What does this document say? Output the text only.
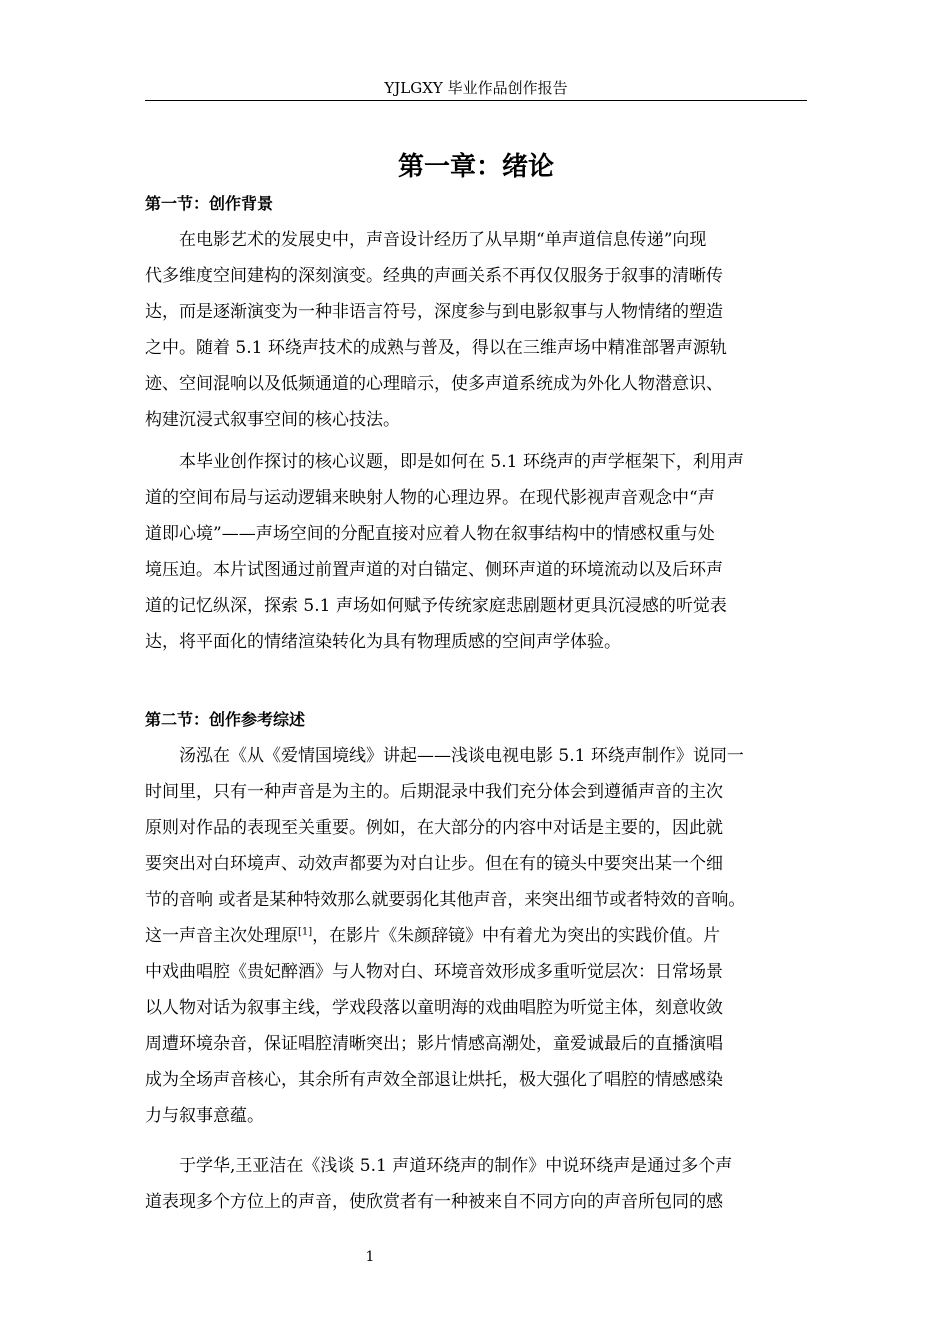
YJLGXY 毕业作品创作报告
第一章：绪论
第一节：创作背景
在电影艺术的发展史中，声音设计经历了从早期“单声道信息传递”向现
代多维度空间建构的深刻演变。经典的声画关系不再仅仅服务于叙事的清晰传
达，而是逐渐演变为一种非语言符号，深度参与到电影叙事与人物情绪的塑造
之中。随着 5.1 环绕声技术的成熟与普及，得以在三维声场中精准部署声源轨
迹、空间混响以及低频通道的心理暗示，使多声道系统成为外化人物潜意识、
构建沉浸式叙事空间的核心技法。
本毕业创作探讨的核心议题，即是如何在 5.1 环绕声的声学框架下，利用声
道的空间布局与运动逻辑来映射人物的心理边界。在现代影视声音观念中“声
道即心境”——声场空间的分配直接对应着人物在叙事结构中的情感权重与处
境压迫。本片试图通过前置声道的对白锚定、侧环声道的环境流动以及后环声
道的记忆纵深，探索 5.1 声场如何赋予传统家庭悲剧题材更具沉浸感的听觉表
达，将平面化的情绪渲染转化为具有物理质感的空间声学体验。
第二节：创作参考综述
汤泓在《从《爱情国境线》讲起——浅谈电视电影 5.1 环绕声制作》说同一
时间里，只有一种声音是为主的。后期混录中我们充分体会到遵循声音的主次
原则对作品的表现至关重要。例如，在大部分的内容中对话是主要的，因此就
要突出对白环境声、动效声都要为对白让步。但在有的镜头中要突出某一个细
节的音响 或者是某种特效那么就要弱化其他声音，来突出细节或者特效的音响。
这一声音主次处理原[1]，在影片《朱颜辞镜》中有着尤为突出的实践价值。片
中戏曲唱腔《贵妃醉酒》与人物对白、环境音效形成多重听觉层次：日常场景
以人物对话为叙事主线，学戏段落以童明海的戏曲唱腔为听觉主体，刻意收敛
周遭环境杂音，保证唱腔清晰突出；影片情感高潮处，童爱诚最后的直播演唱
成为全场声音核心，其余所有声效全部退让烘托，极大强化了唱腔的情感感染
力与叙事意蕴。
于学华,王亚洁在《浅谈 5.1 声道环绕声的制作》中说环绕声是通过多个声
道表现多个方位上的声音，使欣赏者有一种被来自不同方向的声音所包同的感
1
